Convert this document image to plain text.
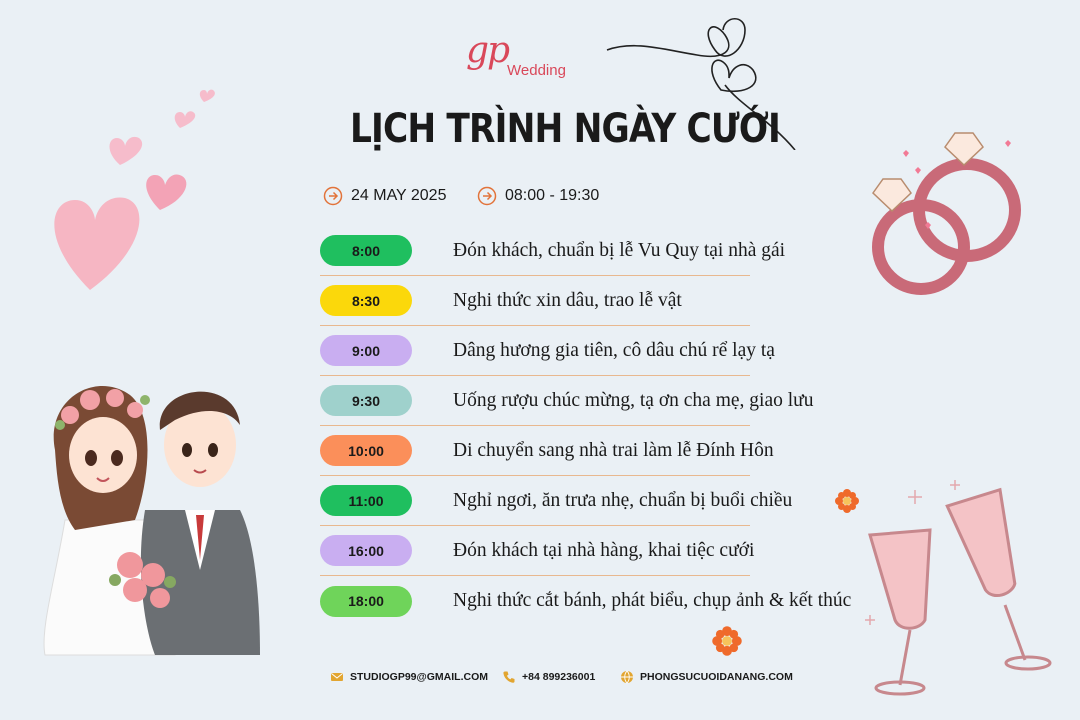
gp
Wedding
LỊCH TRÌNH NGÀY CƯỚI
24 MAY 2025	08:00 - 19:30
8:00	Đón khách, chuẩn bị lễ Vu Quy tại nhà gái
8:30	Nghi thức xin dâu, trao lễ vật
9:00	Dâng hương gia tiên, cô dâu chú rể lạy tạ
9:30	Uống rượu chúc mừng, tạ ơn cha mẹ, giao lưu
10:00	Di chuyển sang nhà trai làm lễ Đính Hôn
11:00	Nghỉ ngơi, ăn trưa nhẹ, chuẩn bị buổi chiều
16:00	Đón khách tại nhà hàng, khai tiệc cưới
18:00	Nghi thức cắt bánh, phát biểu, chụp ảnh & kết thúc
STUDIOGP99@GMAIL.COM	+84 899236001	PHONGSUCUOIDANANG.COM
